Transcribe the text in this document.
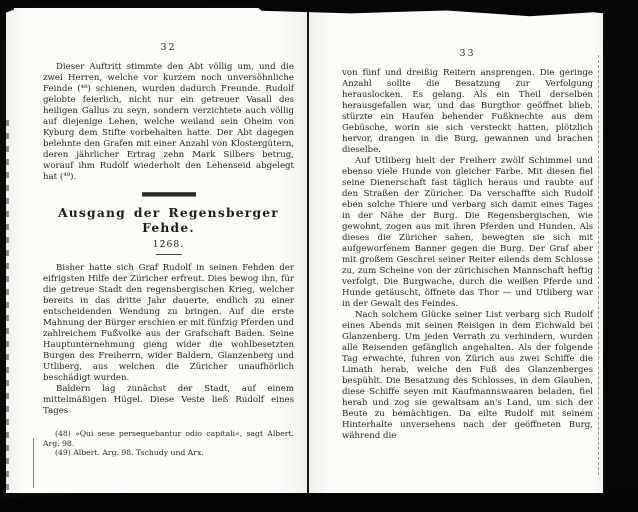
32

Dieser Auftritt stimmte den Abt völlig um, und die zwei Herren, welche vor kurzem noch unversöhnliche Feinde (⁴⁸) schienen, wurden dadurch Freunde. Rudolf gelobte feierlich, nicht nur ein getreuer Vasall des heiligen Gallus zu seyn, sondern verzichtete auch völlig auf diejenige Lehen, welche weiland sein Oheim von Kyburg dem Stifte vorbehalten hatte. Der Abt dagegen belehnte den Grafen mit einer Anzahl von Klostergütern, deren jährlicher Ertrag zehn Mark Silbers betrug, worauf ihm Rudolf wiederholt den Lehenseid abgelegt hat (⁴⁹).

Ausgang der Regensberger Fehde.
1268.

Bisher hatte sich Graf Rudolf in seinen Fehden der eifrigsten Hilfe der Züricher erfreut. Dies bewog ihn, für die getreue Stadt den regensbergischen Krieg, welcher bereits in das dritte Jahr dauerte, endlich zu einer entscheidenden Wendung zu bringen. Auf die erste Mahnung der Bürger erschien er mit fünfzig Pferden und zahlreichem Fußvolke aus der Grafschaft Baden. Seine Hauptunternehmung gieng wider die wohlbesetzten Burgen des Freiherrn, wider Baldern, Glanzenberg und Utliberg, aus welchen die Züricher unaufhörlich beschädigt wurden.

Baldern lag zunächst der Stadt, auf einem mittelmäßigen Hügel. Diese Veste ließ Rudolf eines Tages

(48) »Qui sese persequebantur odio capitali«, sagt Albert. Arg. 98.

(49) Albert. Arg. 98. Tschudy und Arx.

33

von fünf und dreißig Reitern ansprengen. Die geringe Anzahl sollte die Besatzung zur Verfolgung herauslocken. Es gelang. Als ein Theil derselben herausgefallen war, und das Burgthor geöffnet blieb, stürzte ein Haufen behender Fußknechte aus dem Gebüsche, worin sie sich versteckt hatten, plötzlich hervor, drangen in die Burg, gewannen und brachen dieselbe.

Auf Utliberg hielt der Freiherr zwölf Schimmel und ebenso viele Hunde von gleicher Farbe. Mit diesen fiel seine Dienerschaft fast täglich heraus und raubte auf den Straßen der Züricher. Da verschaffte sich Rudolf eben solche Thiere und verbarg sich damit eines Tages in der Nähe der Burg. Die Regensbergischen, wie gewohnt, zogen aus mit ihren Pferden und Hunden. Als dieses die Züricher sahen, bewegten sie sich mit aufgeworfenem Banner gegen die Burg. Der Graf aber mit großem Geschrei seiner Reiter eilends dem Schlosse zu, zum Scheine von der zürichischen Mannschaft heftig verfolgt. Die Burgwache, durch die weißen Pferde und Hunde getäuscht, öffnete das Thor — und Utliberg war in der Gewalt des Feindes.

Nach solchem Glücke seiner List verbarg sich Rudolf eines Abends mit seinen Reisigen in dem Eichwald bei Glanzenberg. Um jeden Verrath zu verhindern, wurden alle Reisenden gefänglich angehalten. Als der folgende Tag erwachte, fuhren von Zürich aus zwei Schiffe die Limath herab, welche den Fuß des Glanzenberges bespühlt. Die Besatzung des Schlosses, in dem Glauben, diese Schiffe seyen mit Kaufmannswaaren beladen, fiel herab und zog sie gewaltsam an's Land, um sich der Beute zu bemächtigen. Da eilte Rudolf mit seinem Hinterhalte unversehens nach der geöffneten Burg, während die
